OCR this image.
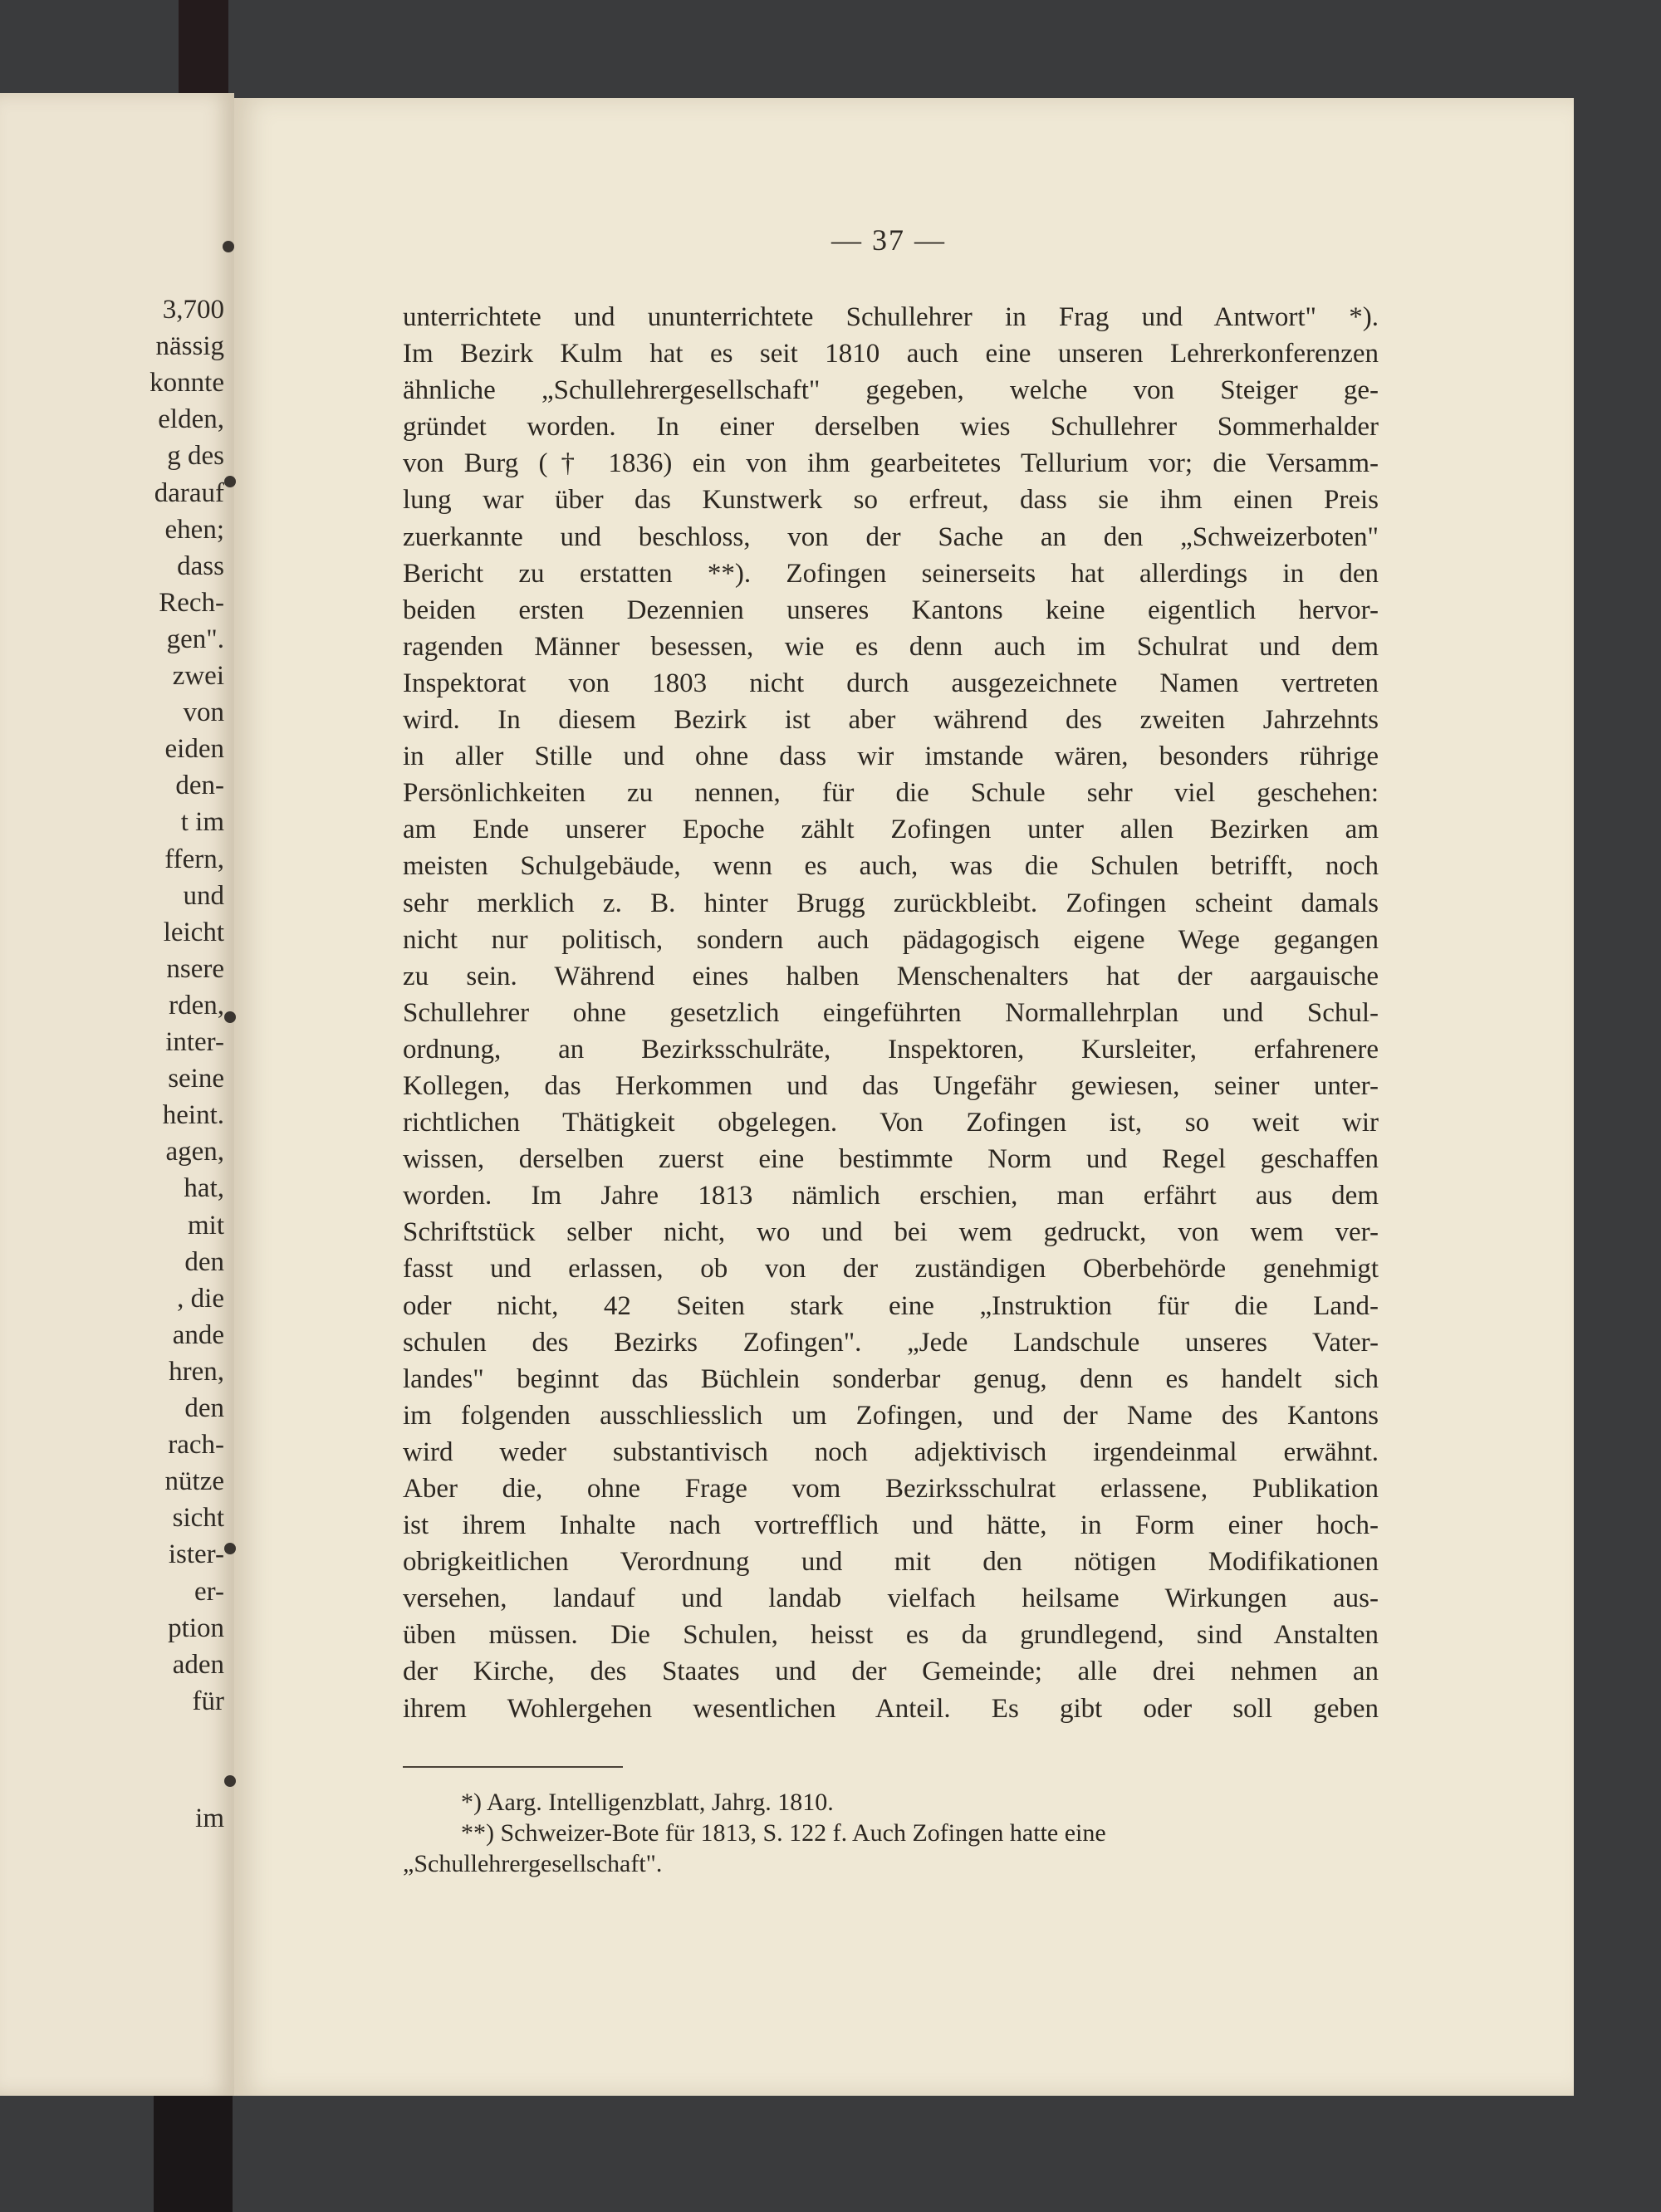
3,700
nässig
konnte
elden,
g des
darauf
ehen;
dass
Rech-
gen".
zwei
von
eiden
den-
t im
ffern,
und
leicht
nsere
rden,
inter-
seine
heint.
agen,
hat,
mit
den
, die
ande
hren,
den
rach-
nütze
sicht
ister-
er-
ption
aden
für
im
— 37 —
unterrichtete und ununterrichtete Schullehrer in Frag und Antwort" *).
Im Bezirk Kulm hat es seit 1810 auch eine unseren Lehrerkonferenzen
ähnliche „Schullehrergesellschaft" gegeben, welche von Steiger ge-
gründet worden. In einer derselben wies Schullehrer Sommerhalder
von Burg († 1836) ein von ihm gearbeitetes Tellurium vor; die Versamm-
lung war über das Kunstwerk so erfreut, dass sie ihm einen Preis
zuerkannte und beschloss, von der Sache an den „Schweizerboten"
Bericht zu erstatten **). Zofingen seinerseits hat allerdings in den
beiden ersten Dezennien unseres Kantons keine eigentlich hervor-
ragenden Männer besessen, wie es denn auch im Schulrat und dem
Inspektorat von 1803 nicht durch ausgezeichnete Namen vertreten
wird. In diesem Bezirk ist aber während des zweiten Jahrzehnts
in aller Stille und ohne dass wir imstande wären, besonders rührige
Persönlichkeiten zu nennen, für die Schule sehr viel geschehen:
am Ende unserer Epoche zählt Zofingen unter allen Bezirken am
meisten Schulgebäude, wenn es auch, was die Schulen betrifft, noch
sehr merklich z. B. hinter Brugg zurückbleibt. Zofingen scheint damals
nicht nur politisch, sondern auch pädagogisch eigene Wege gegangen
zu sein. Während eines halben Menschenalters hat der aargauische
Schullehrer ohne gesetzlich eingeführten Normallehrplan und Schul-
ordnung, an Bezirksschulräte, Inspektoren, Kursleiter, erfahrenere
Kollegen, das Herkommen und das Ungefähr gewiesen, seiner unter-
richtlichen Thätigkeit obgelegen. Von Zofingen ist, so weit wir
wissen, derselben zuerst eine bestimmte Norm und Regel geschaffen
worden. Im Jahre 1813 nämlich erschien, man erfährt aus dem
Schriftstück selber nicht, wo und bei wem gedruckt, von wem ver-
fasst und erlassen, ob von der zuständigen Oberbehörde genehmigt
oder nicht, 42 Seiten stark eine „Instruktion für die Land-
schulen des Bezirks Zofingen". „Jede Landschule unseres Vater-
landes" beginnt das Büchlein sonderbar genug, denn es handelt sich
im folgenden ausschliesslich um Zofingen, und der Name des Kantons
wird weder substantivisch noch adjektivisch irgendeinmal erwähnt.
Aber die, ohne Frage vom Bezirksschulrat erlassene, Publikation
ist ihrem Inhalte nach vortrefflich und hätte, in Form einer hoch-
obrigkeitlichen Verordnung und mit den nötigen Modifikationen
versehen, landauf und landab vielfach heilsame Wirkungen aus-
üben müssen. Die Schulen, heisst es da grundlegend, sind Anstalten
der Kirche, des Staates und der Gemeinde; alle drei nehmen an
ihrem Wohlergehen wesentlichen Anteil. Es gibt oder soll geben
*) Aarg. Intelligenzblatt, Jahrg. 1810.
**) Schweizer-Bote für 1813, S. 122 f. Auch Zofingen hatte eine
„Schullehrergesellschaft".
